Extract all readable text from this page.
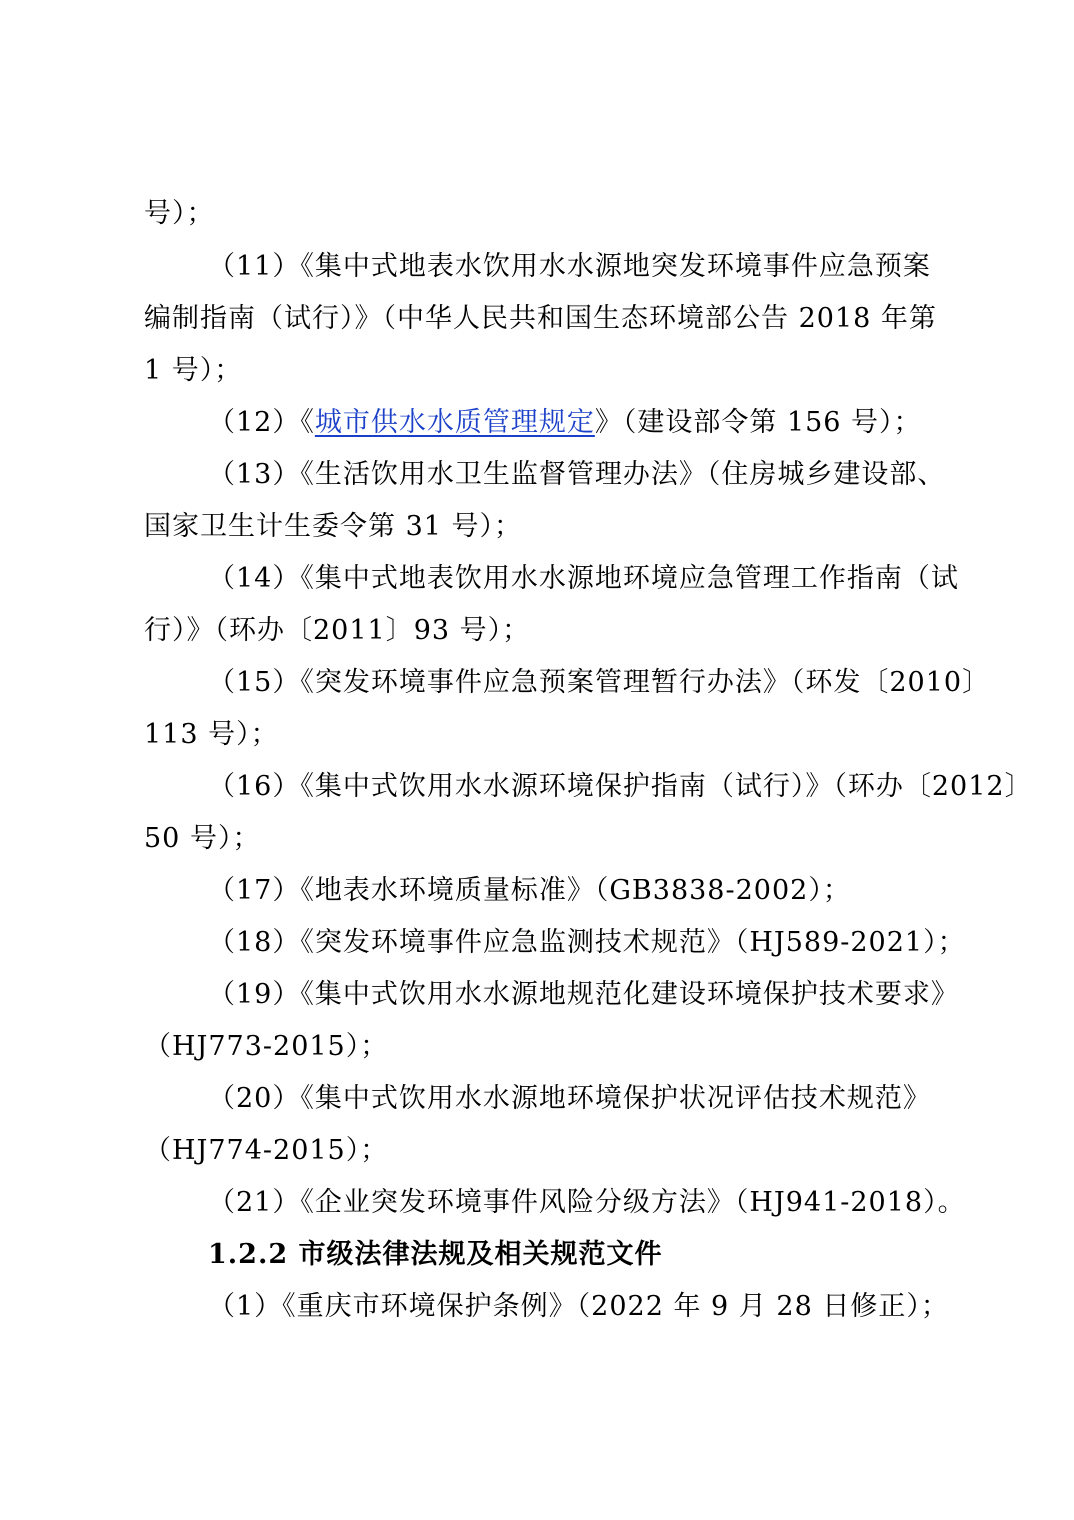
号）；
（11）《集中式地表水饮用水水源地突发环境事件应急预案
编制指南（试行）》（中华人民共和国生态环境部公告 2018 年第
1 号）；
（12）《城市供水水质管理规定》（建设部令第 156 号）；
（13）《生活饮用水卫生监督管理办法》（住房城乡建设部、
国家卫生计生委令第 31 号）；
（14）《集中式地表饮用水水源地环境应急管理工作指南（试
行）》（环办〔2011〕93 号）；
（15）《突发环境事件应急预案管理暂行办法》（环发〔2010〕
113 号）；
（16）《集中式饮用水水源环境保护指南（试行）》（环办〔2012〕
50 号）；
（17）《地表水环境质量标准》（GB3838-2002）；
（18）《突发环境事件应急监测技术规范》（HJ589-2021）；
（19）《集中式饮用水水源地规范化建设环境保护技术要求》
（HJ773-2015）；
（20）《集中式饮用水水源地环境保护状况评估技术规范》
（HJ774-2015）；
（21）《企业突发环境事件风险分级方法》（HJ941-2018）。
1.2.2 市级法律法规及相关规范文件
（1）《重庆市环境保护条例》（2022 年 9 月 28 日修正）；
